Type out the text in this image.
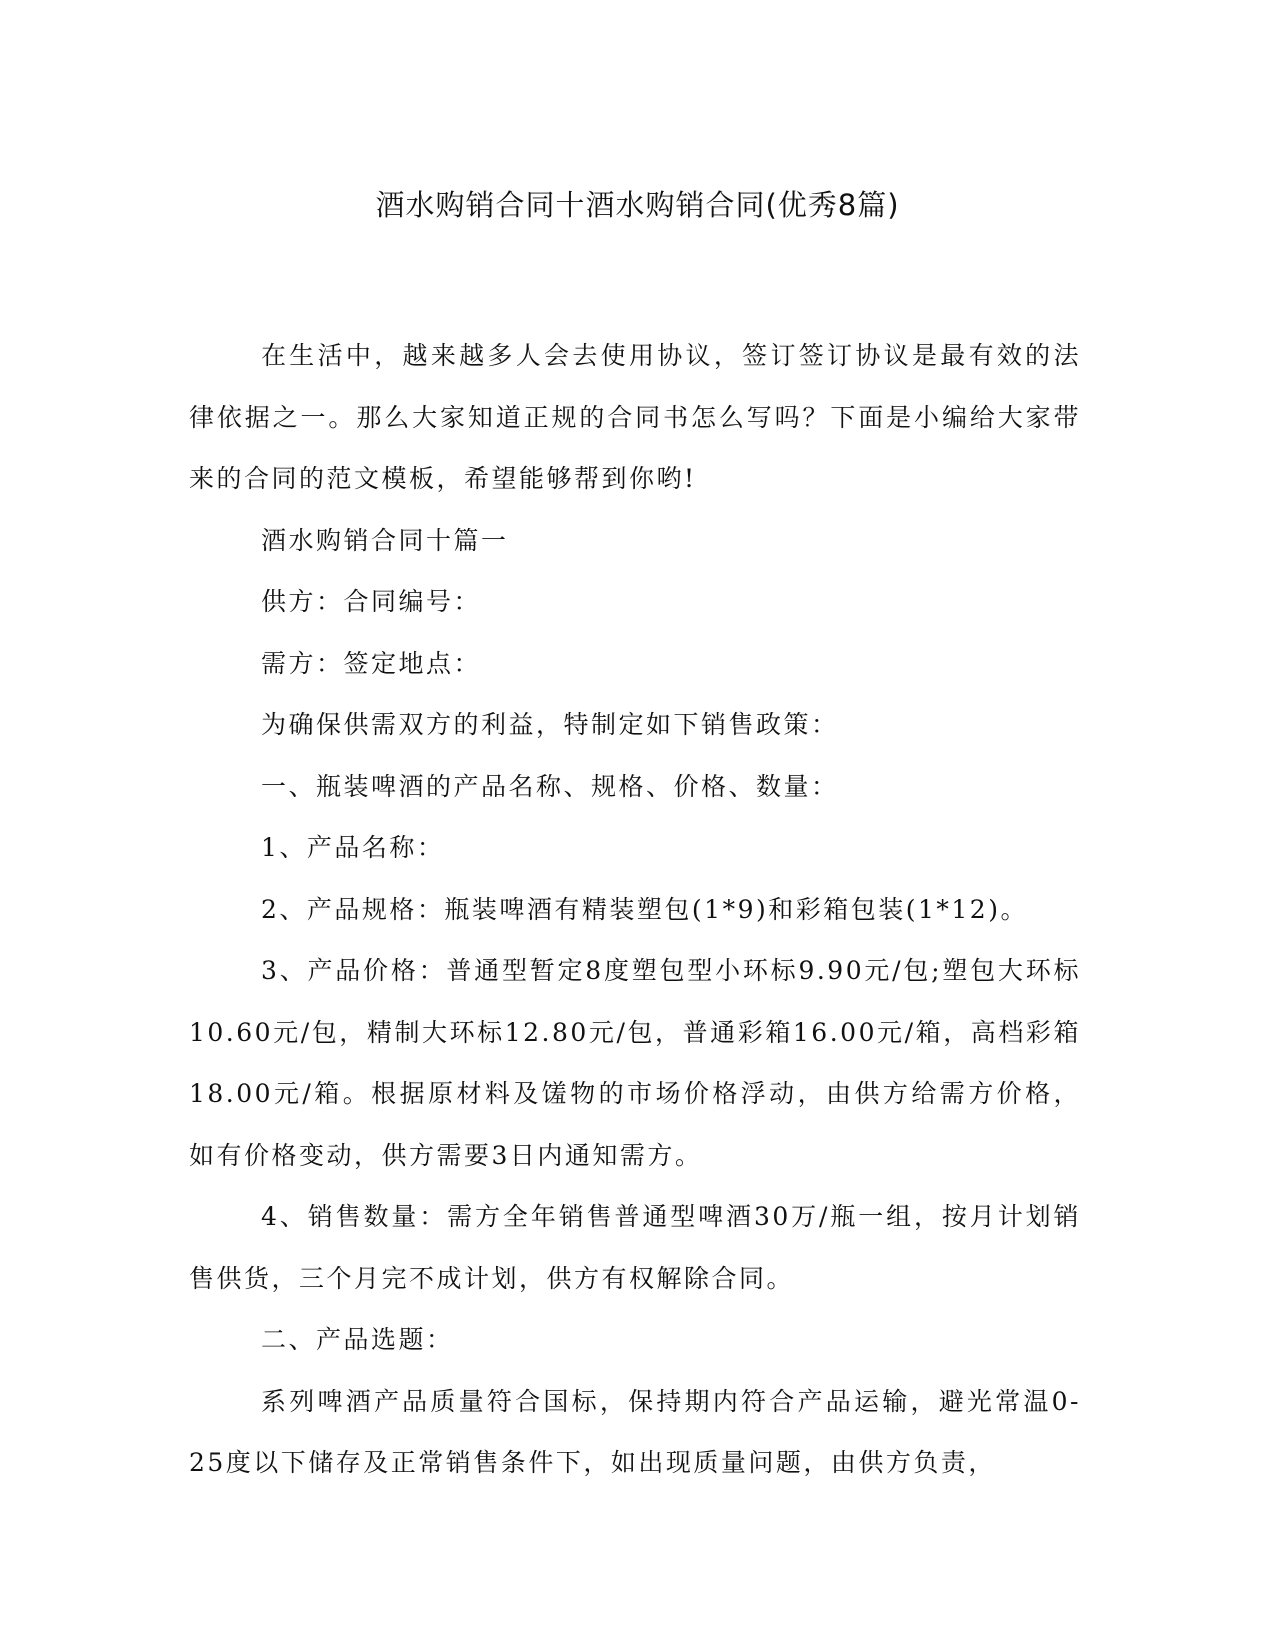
酒水购销合同十酒水购销合同(优秀8篇)

在生活中，越来越多人会去使用协议，签订签订协议是最有效的法律依据之一。那么大家知道正规的合同书怎么写吗？下面是小编给大家带来的合同的范文模板，希望能够帮到你哟!

酒水购销合同十篇一

供方：合同编号：

需方：签定地点：

为确保供需双方的利益，特制定如下销售政策：

一、瓶装啤酒的产品名称、规格、价格、数量：

1、产品名称：

2、产品规格：瓶装啤酒有精装塑包(1*9)和彩箱包装(1*12)。

3、产品价格：普通型暂定8度塑包型小环标9.90元/包;塑包大环标10.60元/包，精制大环标12.80元/包，普通彩箱16.00元/箱，高档彩箱18.00元/箱。根据原材料及馐物的市场价格浮动，由供方给需方价格，如有价格变动，供方需要3日内通知需方。

4、销售数量：需方全年销售普通型啤酒30万/瓶一组，按月计划销售供货，三个月完不成计划，供方有权解除合同。

二、产品选题：

系列啤酒产品质量符合国标，保持期内符合产品运输，避光常温0-25度以下储存及正常销售条件下，如出现质量问题，由供方负责，
